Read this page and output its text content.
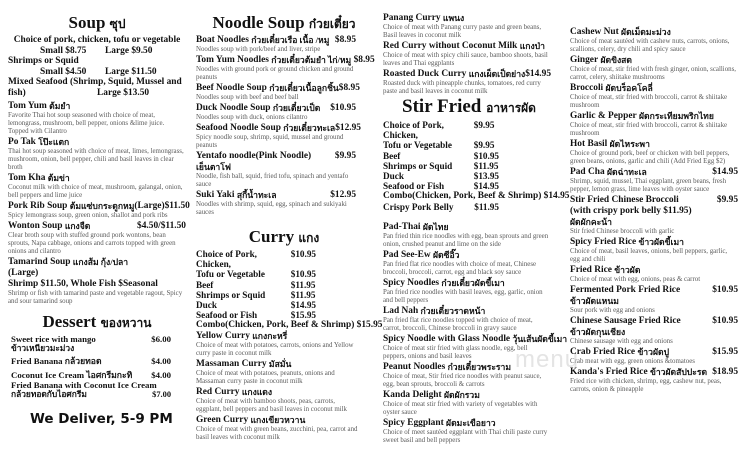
Soup ซุป
Choice of pork, chicken, tofu or vegetable
Small $8.75 Large $9.50
Shrimps or Squid
Small $4.50 Large $11.50
Mixed Seafood (Shrimp, Squid, Mussel and fish)	Large $13.50
Tom Yum
ต้มยำ
Favorite Thai hot soup seasoned with choice of meat, lemongrass, mushroom, bell pepper, onions &lime juice. Topped with Cilantro
Po Tak
โป๊ะแตก
Thai hot soup seasoned with choice of meat, limes, lemongrass, mushroom, onion, bell pepper, chili and basil leaves in clear broth
Tom Kha
ต้มข่า
Coconut milk with choice of meat, mushroom, galangal, onion, bell peppers and lime juice
Pork Rib Soup
ต้มแซ่บกระดูกหมู (Large)$11.50
Spicy lemongrass soup, green onion, shallot and pork ribs
Wonton Soup
แกงจืด	$4.50/$11.50
Clear broth soup with stuffed ground pork wontons, bean sprouts, Napa cabbage, onions and carrots topped with green onions and cilantro
Tamarind Soup
แกงส้ม กุ้ง/ปลา
(Large)
Shrimp $11.50, Whole Fish $Seasonal
Shrimp or fish with tamarind paste and vegetable ragout, Spicy and sour tamarind soup
Dessert ของหวาน
Sweet rice with mango	$6.00
ข้าวเหนียวมะม่วง
Fried Banana
กล้วยทอด	$4.00
Coconut Ice Cream
ไอศกรีมกะทิ $4.00
Fried Banana with Coconut Ice Cream
กล้วยทอดกับไอศกรีม	$7.00
We Deliver, 5-9 PM
Noodle Soup ก๋วยเตี๋ยว
Boat Noodles
ก๋วยเตี๋ยวเรือ เนื้อ /หมู $8.95
Noodles soup with pork/beef and liver, stripe
Tom Yum Noodles
ก๋วยเตี๋ยวต้มยำ ไก่/หมู
$8.95
Noodles with ground pork or ground chicken and ground peanuts
Beef Noodle Soup
ก๋วยเตี๋ยวเนื้อลูกชิ้น $8.95
Noodles soup with beef and beef ball
Duck Noodle Soup
ก๋วยเตี๋ยวเป็ด $10.95
Noodles soup with duck, onions cilantro
Seafood Noodle Soup
ก๋วยเตี๋ยวทะเล $12.95
Spicy noodle soup, shrimp, squid, mussel and ground peanuts
Yentafo noodle(Pink Noodle)	$9.95
เย็นตาโฟ
Noodle, fish ball, squid, fried tofu, spinach and yentafo sauce
Suki Yaki
สุกี้น้ำทะเล	$12.95
Noodles with shrimp, squid, egg, spinach and sukiyaki sauces
Curry แกง
Choice of Pork, Chicken,
$10.95
Tofu or Vegetable	$10.95
Beef	$11.95
Shrimps or Squid	$11.95
Duck	$14.95
Seafood or Fish	$15.95
Combo(Chicken, Pork, Beef & Shrimp) $15.95
Yellow Curry
แกงกะหรี่
Choice of meat with potatoes, carrots, onions and Yellow curry paste in coconut milk
Massaman Curry
มัสมั่น
Choice of meat with potatoes, peanuts, onions and Massaman curry paste in coconut milk
Red Curry
แกงแดง
Choice of meat with bamboo shoots, peas, carrots, eggplant, bell peppers and basil leaves in coconut milk
Green Curry
แกงเขียวหวาน
Choice of meat with green beans, zucchini, pea, carrot and basil leaves with coconut milk
Panang Curry
แพนง
Choice of meat with Panang curry paste and green beans, Basil leaves in coconut milk
Red Curry without Coconut Milk
แกงป่า
Choice of meat with spicy chili sauce, bamboo shoots, basil leaves and Thai eggplants
Roasted Duck Curry
แกงเผ็ดเป็ดย่าง $14.95
Roasted duck with pineapple chunks, tomatoes, red curry paste and basil leaves in coconut milk
Stir Fried อาหารผัด
Choice of Pork, Chicken,
$9.95
Tofu or Vegetable	$9.95
Beef	$10.95
Shrimps or Squid	$11.95
Duck	$13.95
Seafood or Fish	$14.95
Combo(Chicken, Pork, Beef & Shrimp) $14.95
Crispy Pork Belly	$11.95
Pad-Thai
ผัดไทย
Pan fried thin rice noodles with egg, bean sprouts and green onion, crushed peanut and lime on the side
Pad See-Ew
ผัดซีอิ๊ว
Pan fried flat rice noodles with choice of meat, Chinese broccoli, broccoli, carrot, egg and black soy sauce
Spicy Noodles
ก๋วยเตี๋ยวผัดขี้เมา
Pan fried rice noodles with basil leaves, egg, garlic, onion and bell peppers
Lad Nah
ก๋วยเตี๋ยวราดหน้า
Pan fried flat rice noodles topped with choice of meat, carrot, broccoli, Chinese broccoli in gravy sauce
Spicy Noodle with Glass Noodle
วุ้นเส้นผัดขี้เมา
Choice of meat stir fried with glass noodle, egg, bell peppers, onions and basil leaves
Peanut Noodles
ก๋วยเตี๋ยวพระราม
Choice of meat, Stir fried rice noodles with peanut sauce, egg, bean sprouts, broccoli & carrots
Kanda Delight
ผัดผักรวม
Choice of meat stir fried with variety of vegetables with oyster sauce
Spicy Eggplant
ผัดมะเขือยาว
Choice of meet sautéed eggplant with Thai chili paste curry sweet basil and bell peppers
Cashew Nut
ผัดเม็ดมะม่วง
Choice of meat sautéed with cashew nuts, carrots, onions, scallions, celery, dry chili and spicy sauce
Ginger
ผัดขิงสด
Choice of meat, stir fried with fresh ginger, onion, scallions, carrot, celery, shiitake mushrooms
Broccoli
ผัดบร็อคโคลี่
Choice of meat, stir fried with broccoli, carrot & shiitake mushroom
Garlic & Pepper
ผัดกระเทียมพริกไทย
Choice of meat, stir fried with broccoli, carrot & shiitake mushroom
Hot Basil
ผัดไหระพา
Choice of ground pork, beef or chicken with bell peppers, green beans, onions, garlic and chili (Add Fried Egg $2)
Pad Cha
ผัดฉ่าทะเล	$14.95
Shrimp, squid, mussel, Thai eggplant, green beans, fresh pepper, lemon grass, lime leaves with oyster sauce
Stir Fried Chinese Broccoli	$9.95
(with crispy pork belly $11.95)
ผัดผักคะน้า
Stir fried Chinese broccoli with garlic
Spicy Fried Rice
ข้าวผัดขี้เมา
Choice of meat, basil leaves, onions, bell peppers, garlic, egg and chili
Fried Rice
ข้าวผัด
Choice of meat with egg, onions, peas & carrot
Fermented Pork Fried Rice	$10.95
ข้าวผัดแหนม
Sour pork with egg and onions
Chinese Sausage Fried Rice	$10.95
ข้าวผัดกุนเชียง
Chinese sausage with egg and onions
Crab Fried Rice
ข้าวผัดปู	$15.95
Crab meat with egg, green onions &tomatoes
Kanda's Fried Rice
ข้าวผัดสัปปะรด $18.95
Fried rice with chicken, shrimp, egg, cashew nut, peas, carrots, onion & pineapple
menu
